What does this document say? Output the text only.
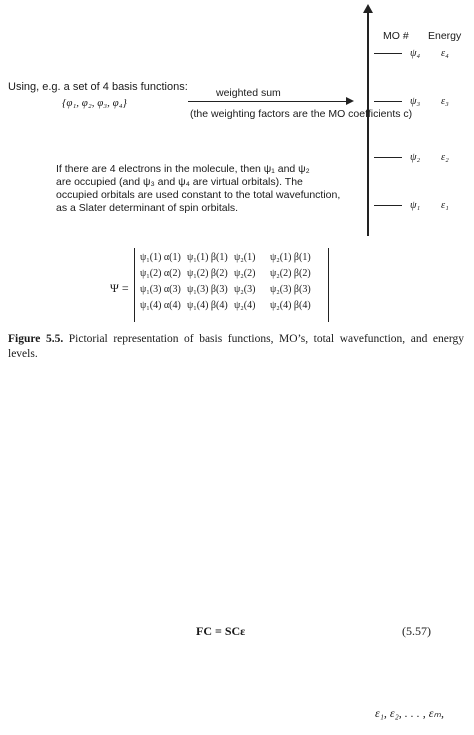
MO # Energy
ψ₄ ε₄
ψ₃ ε₃
ψ₂ ε₂
ψ₁ ε₁
Using, e.g. a set of 4 basis functions:
{φ₁, φ₂, φ₃, φ₄}
weighted sum
(the weighting factors are the MO coefficients c)
If there are 4 electrons in the molecule, then ψ₁ and ψ₂
are occupied (and ψ₃ and ψ₄ are virtual orbitals). The
occupied orbitals are used constant to the total wavefunction,
as a Slater determinant of spin orbitals.
Ψ =
ψ₁(1) α(1) ψ₁(1) β(1) ψ₂(1) ψ₂(1) β(1)
ψ₁(2) α(2) ψ₁(2) β(2) ψ₂(2) ψ₂(2) β(2)
ψ₁(3) α(3) ψ₁(3) β(3) ψ₂(3) ψ₂(3) β(3)
ψ₁(4) α(4) ψ₁(4) β(4) ψ₂(4) ψ₂(4) β(4)
Figure 5.5. Pictorial representation of basis functions, MO’s, total wavefunction, and energy levels.
FC = SCε	(5.57)
ε₁, ε₂, . . . , εₘ,
